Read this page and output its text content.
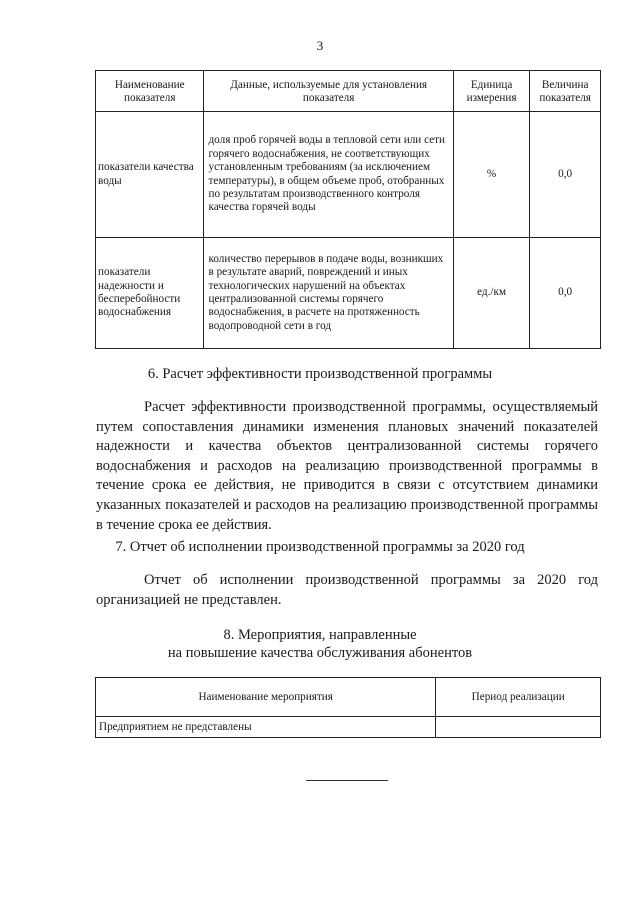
3
Наименование показателя	Данные, используемые для установления показателя	Единица измерения	Величина показателя
показатели качества воды	доля проб горячей воды в тепловой сети или сети горячего водоснабжения, не соответствующих установленным требованиям (за исключением температуры), в общем объеме проб, отобранных по результатам производственного контроля качества горячей воды	%	0,0
показатели надежности и бесперебойности водоснабжения	количество перерывов в подаче воды, возникших в результате аварий, повреждений и иных технологических нарушений на объектах централизованной системы горячего водоснабжения, в расчете на протяженность водопроводной сети в год	ед./км	0,0
6. Расчет эффективности производственной программы

Расчет эффективности производственной программы, осуществляемый путем сопоставления динамики изменения плановых значений показателей надежности и качества объектов централизованной системы горячего водоснабжения и расходов на реализацию производственной программы в течение срока ее действия, не приводится в связи с отсутствием динамики указанных показателей и расходов на реализацию производственной программы в течение срока ее действия.

7. Отчет об исполнении производственной программы за 2020 год

Отчет об исполнении производственной программы за 2020 год организацией не представлен.

8. Мероприятия, направленные
на повышение качества обслуживания абонентов
Наименование мероприятия	Период реализации
Предприятием не представлены	
